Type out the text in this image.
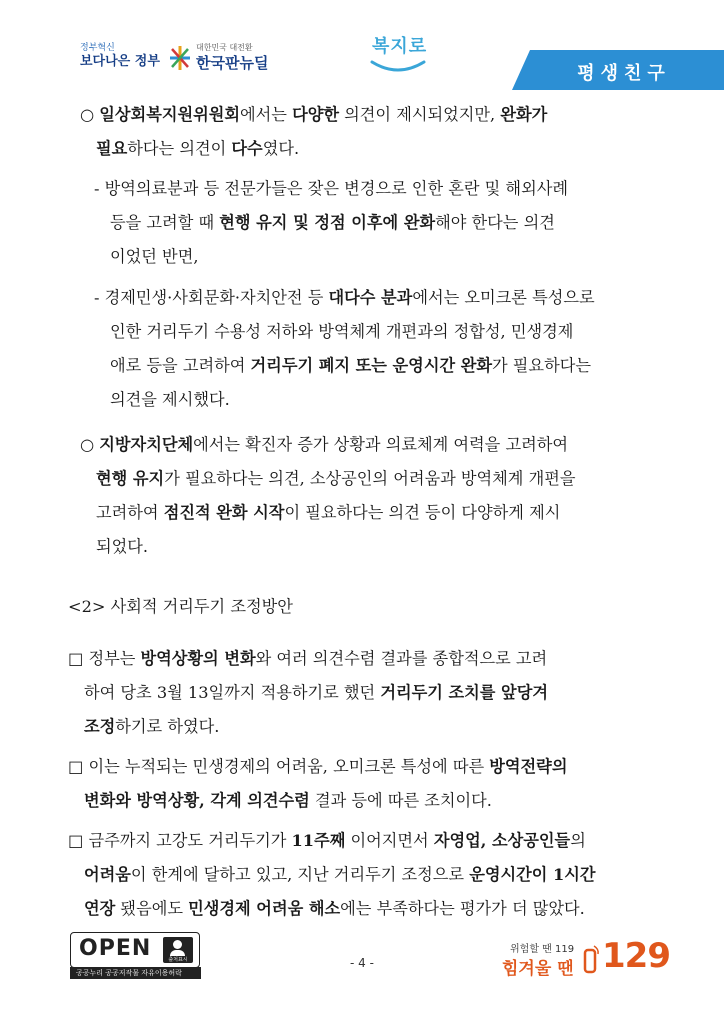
정부혁신
보다나은 정부
대한민국 대전환
한국판뉴딜
복지로
평생친구
○ 일상회복지원위원회에서는 다양한 의견이 제시되었지만, 완화가
필요하다는 의견이 다수였다.
- 방역의료분과 등 전문가들은 잦은 변경으로 인한 혼란 및 해외사례
등을 고려할 때 현행 유지 및 정점 이후에 완화해야 한다는 의견
이었던 반면,
- 경제민생·사회문화·자치안전 등 대다수 분과에서는 오미크론 특성으로
인한 거리두기 수용성 저하와 방역체계 개편과의 정합성, 민생경제
애로 등을 고려하여 거리두기 폐지 또는 운영시간 완화가 필요하다는
의견을 제시했다.
○ 지방자치단체에서는 확진자 증가 상황과 의료체계 여력을 고려하여
현행 유지가 필요하다는 의견, 소상공인의 어려움과 방역체계 개편을
고려하여 점진적 완화 시작이 필요하다는 의견 등이 다양하게 제시
되었다.
<2> 사회적 거리두기 조정방안
□ 정부는 방역상황의 변화와 여러 의견수렴 결과를 종합적으로 고려
하여 당초 3월 13일까지 적용하기로 했던 거리두기 조치를 앞당겨
조정하기로 하였다.
□ 이는 누적되는 민생경제의 어려움, 오미크론 특성에 따른 방역전략의
변화와 방역상황, 각계 의견수렴 결과 등에 따른 조치이다.
□ 금주까지 고강도 거리두기가 11주째 이어지면서 자영업, 소상공인들의
어려움이 한계에 달하고 있고, 지난 거리두기 조정으로 운영시간이 1시간
연장 됐음에도 민생경제 어려움 해소에는 부족하다는 평가가 더 많았다.
OPEN	출처표시
공공누리 공공저작물 자유이용허락
- 4 -
위험할 땐 119
힘겨울 땐 129
